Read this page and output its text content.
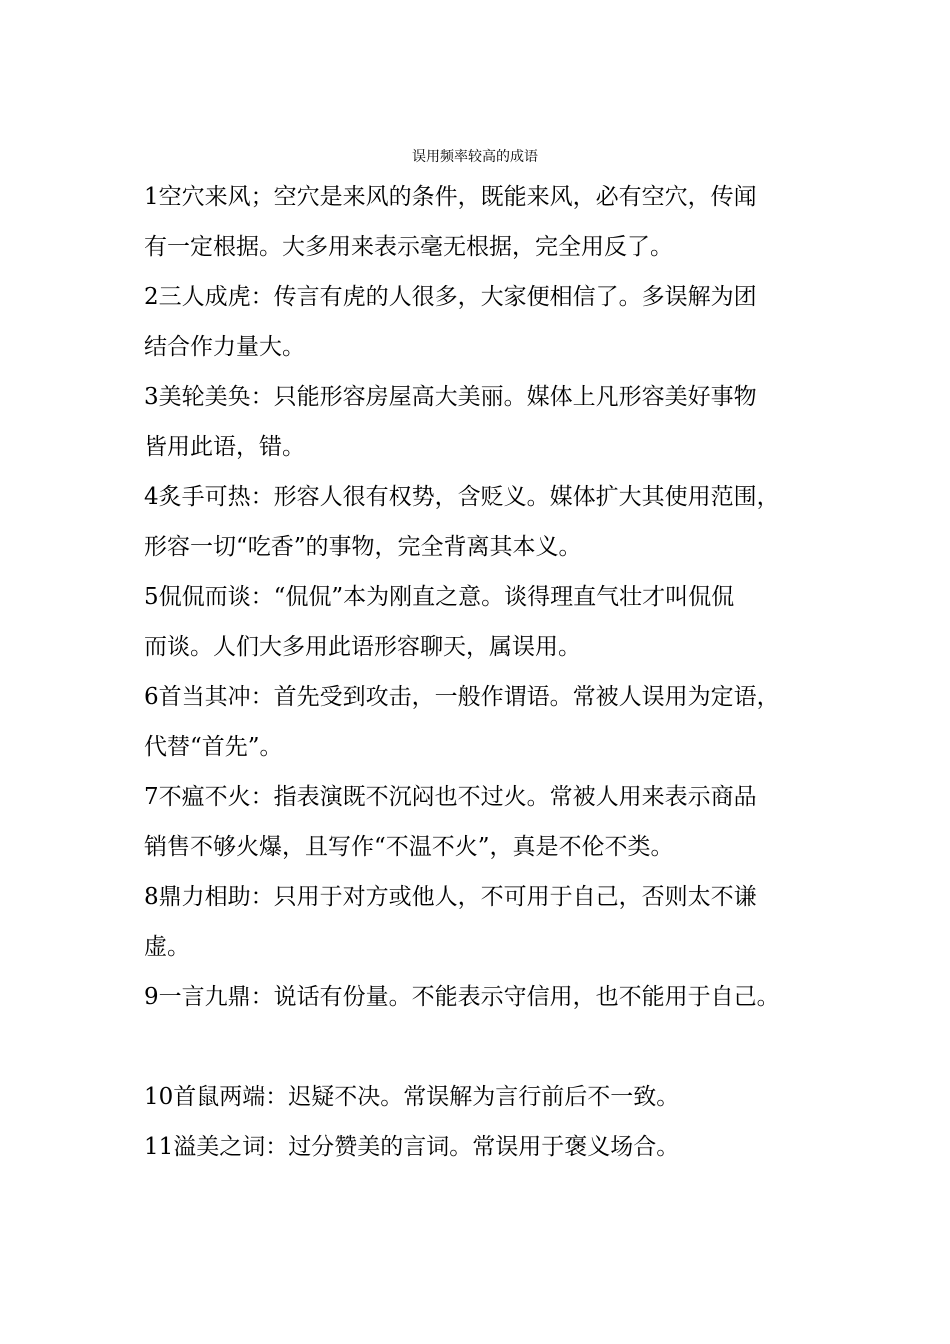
误用频率较高的成语
1空穴来风；空穴是来风的条件，既能来风，必有空穴，传闻
有一定根据。大多用来表示毫无根据，完全用反了。
2三人成虎：传言有虎的人很多，大家便相信了。多误解为团
结合作力量大。
3美轮美奂：只能形容房屋高大美丽。媒体上凡形容美好事物
皆用此语，错。
4炙手可热：形容人很有权势，含贬义。媒体扩大其使用范围，
形容一切“吃香”的事物，完全背离其本义。
5侃侃而谈：“侃侃”本为刚直之意。谈得理直气壮才叫侃侃
而谈。人们大多用此语形容聊天，属误用。
6首当其冲：首先受到攻击，一般作谓语。常被人误用为定语，
代替“首先”。
7不瘟不火：指表演既不沉闷也不过火。常被人用来表示商品
销售不够火爆，且写作“不温不火”，真是不伦不类。
8鼎力相助：只用于对方或他人，不可用于自己，否则太不谦
虚。
9一言九鼎：说话有份量。不能表示守信用，也不能用于自己。
10首鼠两端：迟疑不决。常误解为言行前后不一致。
11溢美之词：过分赞美的言词。常误用于褒义场合。
